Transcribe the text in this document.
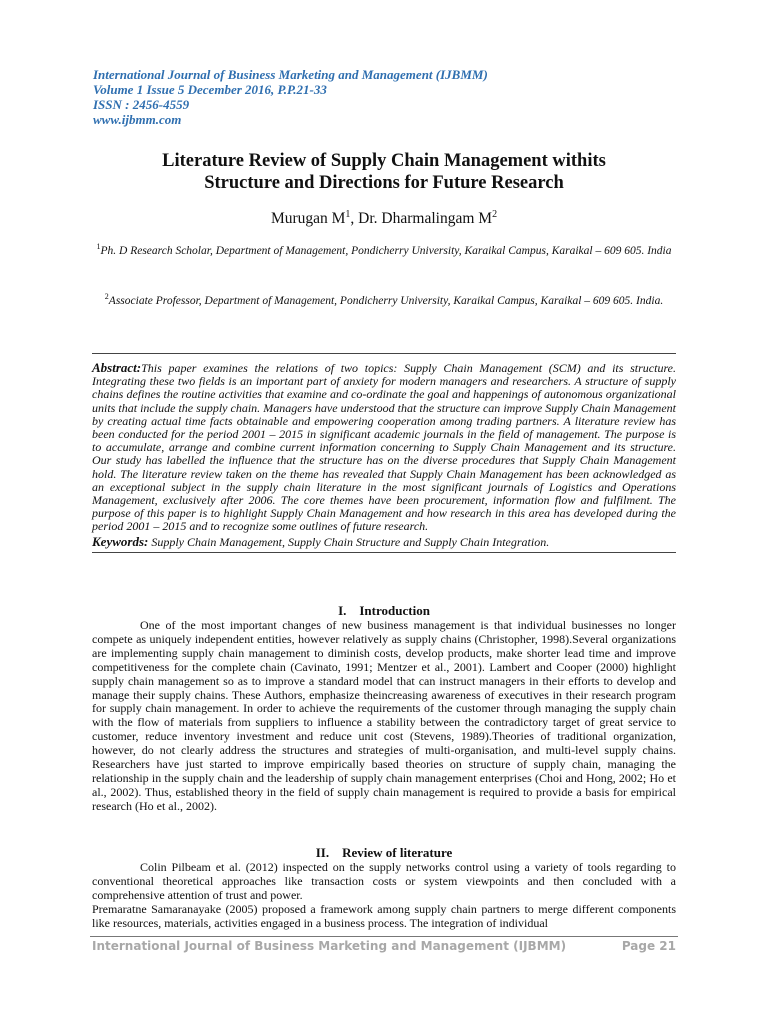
International Journal of Business Marketing and Management (IJBMM)
Volume 1 Issue 5 December 2016, P.P.21-33
ISSN : 2456-4559
www.ijbmm.com
Literature Review of Supply Chain Management withits
Structure and Directions for Future Research
Murugan $M^1$, Dr. Dharmalingam $M^2$
$^1$Ph. D Research Scholar, Department of Management, Pondicherry University, Karaikal Campus, Karaikal – 609 605. India
$^2$Associate Professor, Department of Management, Pondicherry University, Karaikal Campus, Karaikal – 609 605. India.
Abstract:This paper examines the relations of two topics: Supply Chain Management (SCM) and its structure. Integrating these two fields is an important part of anxiety for modern managers and researchers. A structure of supply chains defines the routine activities that examine and co-ordinate the goal and happenings of autonomous organizational units that include the supply chain. Managers have understood that the structure can improve Supply Chain Management by creating actual time facts obtainable and empowering cooperation among trading partners. A literature review has been conducted for the period 2001 – 2015 in significant academic journals in the field of management. The purpose is to accumulate, arrange and combine current information concerning to Supply Chain Management and its structure. Our study has labelled the influence that the structure has on the diverse procedures that Supply Chain Management hold. The literature review taken on the theme has revealed that Supply Chain Management has been acknowledged as an exceptional subject in the supply chain literature in the most significant journals of Logistics and Operations Management, exclusively after 2006. The core themes have been procurement, information flow and fulfilment. The purpose of this paper is to highlight Supply Chain Management and how research in this area has developed during the period 2001 – 2015 and to recognize some outlines of future research.
Keywords: Supply Chain Management, Supply Chain Structure and Supply Chain Integration.
I.    Introduction
One of the most important changes of new business management is that individual businesses no longer compete as uniquely independent entities, however relatively as supply chains (Christopher, 1998).Several organizations are implementing supply chain management to diminish costs, develop products, make shorter lead time and improve competitiveness for the complete chain (Cavinato, 1991; Mentzer et al., 2001). Lambert and Cooper (2000) highlight supply chain management so as to improve a standard model that can instruct managers in their efforts to develop and manage their supply chains. These Authors, emphasize theincreasing awareness of executives in their research program for supply chain management. In order to achieve the requirements of the customer through managing the supply chain with the flow of materials from suppliers to influence a stability between the contradictory target of great service to customer, reduce inventory investment and reduce unit cost (Stevens, 1989).Theories of traditional organization, however, do not clearly address the structures and strategies of multi-organisation, and multi-level supply chains. Researchers have just started to improve empirically based theories on structure of supply chain, managing the relationship in the supply chain and the leadership of supply chain management enterprises (Choi and Hong, 2002; Ho et al., 2002). Thus, established theory in the field of supply chain management is required to provide a basis for empirical research (Ho et al., 2002).
II.    Review of literature

Colin Pilbeam et al. (2012) inspected on the supply networks control using a variety of tools regarding to conventional theoretical approaches like transaction costs or system viewpoints and then concluded with a comprehensive attention of trust and power.

Premaratne Samaranayake (2005) proposed a framework among supply chain partners to merge different components like resources, materials, activities engaged in a business process. The integration of individual

International Journal of Business Marketing and Management (IJBMM)	Page 21
